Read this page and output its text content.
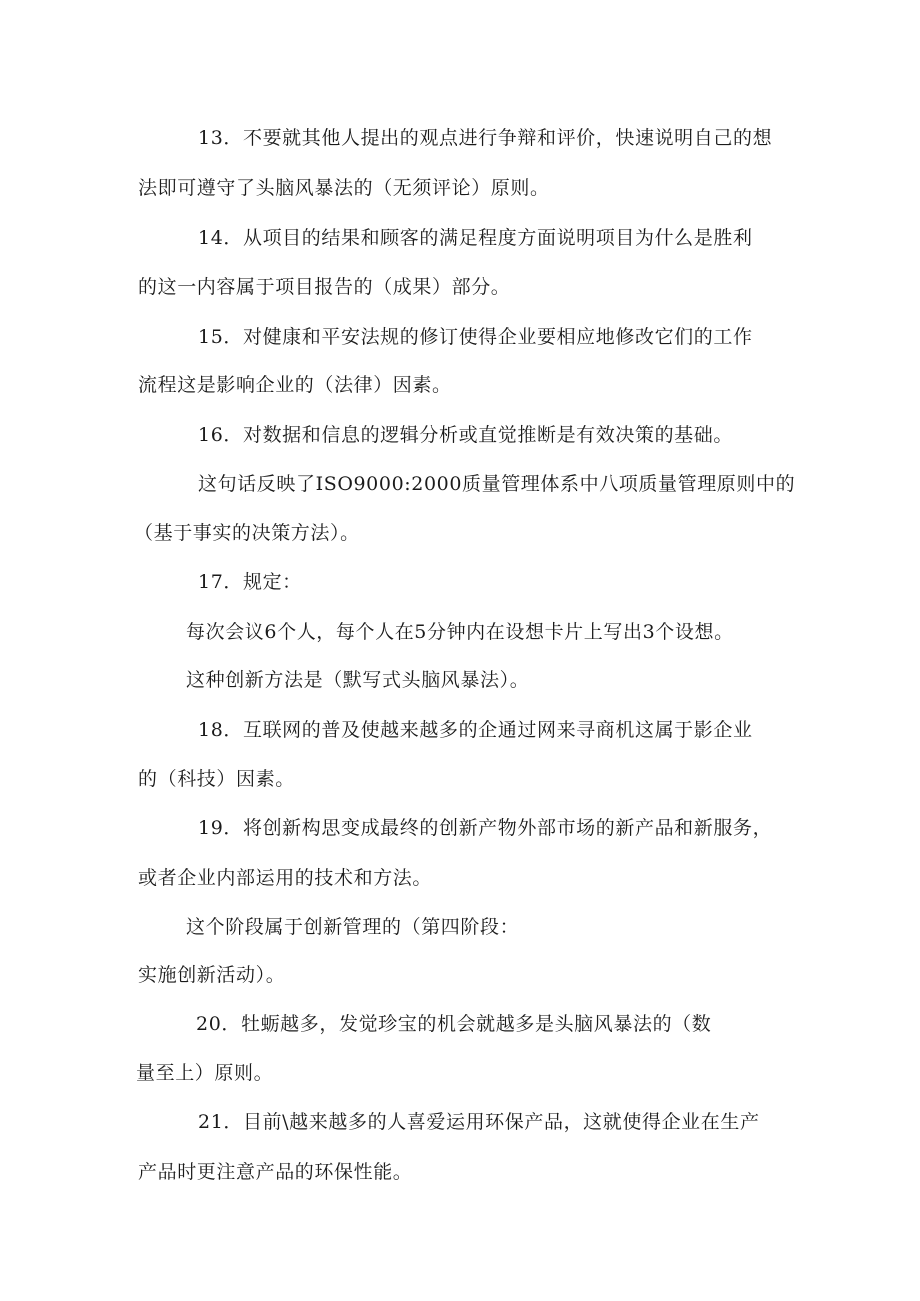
13．不要就其他人提出的观点进行争辩和评价，快速说明自己的想
法即可遵守了头脑风暴法的（无须评论）原则。
14．从项目的结果和顾客的满足程度方面说明项目为什么是胜利
的这一内容属于项目报告的（成果）部分。
15．对健康和平安法规的修订使得企业要相应地修改它们的工作
流程这是影响企业的（法律）因素。
16．对数据和信息的逻辑分析或直觉推断是有效决策的基础。
这句话反映了ISO9000:2000质量管理体系中八项质量管理原则中的
（基于事实的决策方法）。
17．规定：
每次会议6个人，每个人在5分钟内在设想卡片上写出3个设想。
这种创新方法是（默写式头脑风暴法）。
18．互联网的普及使越来越多的企通过网来寻商机这属于影企业
的（科技）因素。
19．将创新构思变成最终的创新产物外部市场的新产品和新服务，
或者企业内部运用的技术和方法。
这个阶段属于创新管理的（第四阶段：
实施创新活动）。
20．牡蛎越多，发觉珍宝的机会就越多是头脑风暴法的（数
量至上）原则。
21．目前\越来越多的人喜爱运用环保产品，这就使得企业在生产
产品时更注意产品的环保性能。
